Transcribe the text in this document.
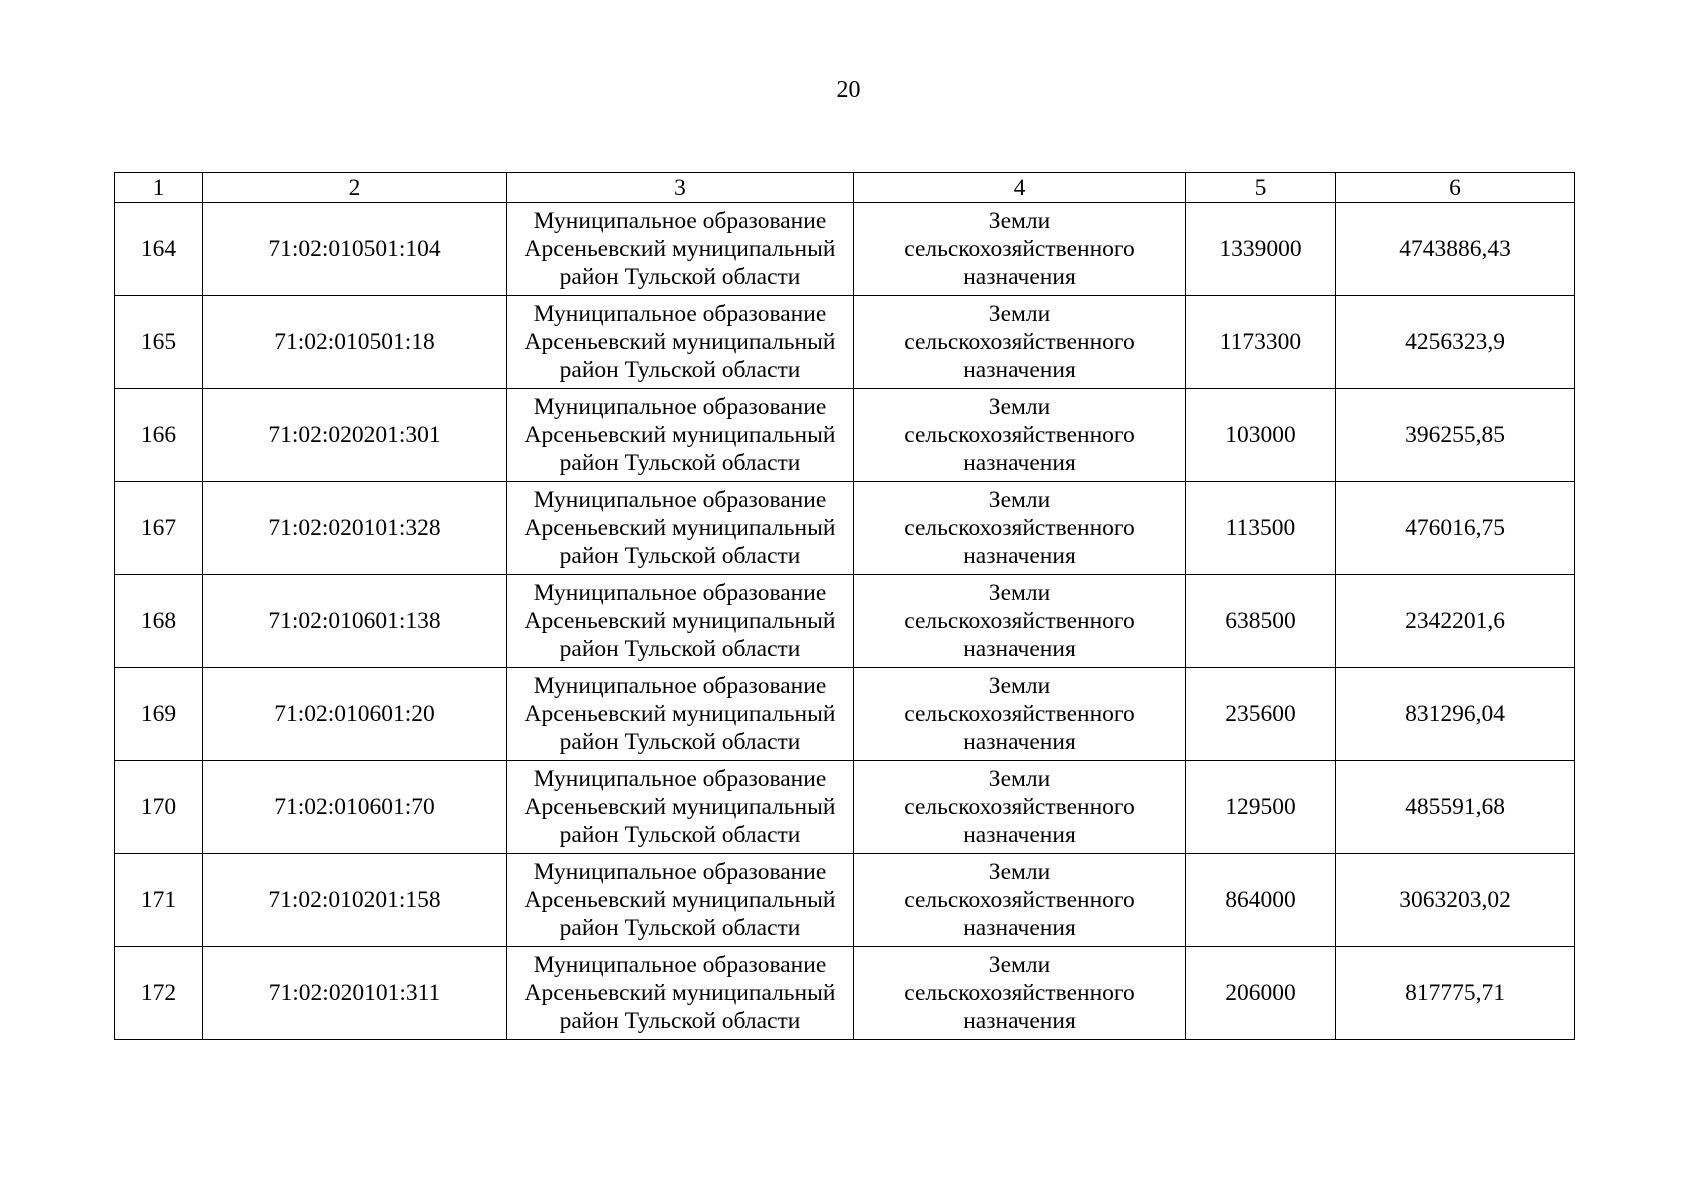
20
1	2	3	4	5	6
164	71:02:010501:104	Муниципальное образование
Арсеньевский муниципальный
район Тульской области	Земли
сельскохозяйственного
назначения	1339000	4743886,43
165	71:02:010501:18	Муниципальное образование
Арсеньевский муниципальный
район Тульской области	Земли
сельскохозяйственного
назначения	1173300	4256323,9
166	71:02:020201:301	Муниципальное образование
Арсеньевский муниципальный
район Тульской области	Земли
сельскохозяйственного
назначения	103000	396255,85
167	71:02:020101:328	Муниципальное образование
Арсеньевский муниципальный
район Тульской области	Земли
сельскохозяйственного
назначения	113500	476016,75
168	71:02:010601:138	Муниципальное образование
Арсеньевский муниципальный
район Тульской области	Земли
сельскохозяйственного
назначения	638500	2342201,6
169	71:02:010601:20	Муниципальное образование
Арсеньевский муниципальный
район Тульской области	Земли
сельскохозяйственного
назначения	235600	831296,04
170	71:02:010601:70	Муниципальное образование
Арсеньевский муниципальный
район Тульской области	Земли
сельскохозяйственного
назначения	129500	485591,68
171	71:02:010201:158	Муниципальное образование
Арсеньевский муниципальный
район Тульской области	Земли
сельскохозяйственного
назначения	864000	3063203,02
172	71:02:020101:311	Муниципальное образование
Арсеньевский муниципальный
район Тульской области	Земли
сельскохозяйственного
назначения	206000	817775,71
